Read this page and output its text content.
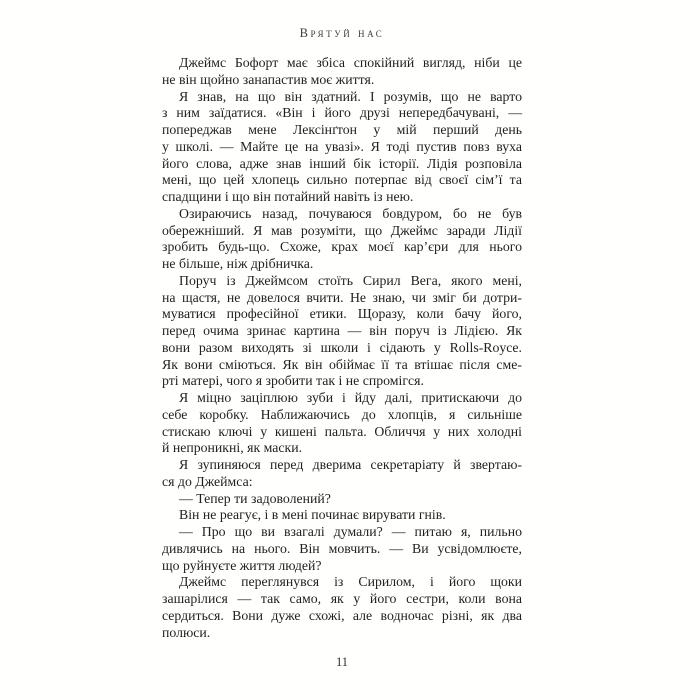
Врятуй нас
Джеймс Бофорт має збіса спокійний вигляд, ніби це
не він щойно занапастив моє життя.
Я знав, на що він здатний. І розумів, що не варто
з ним заїдатися. «Він і його друзі непередбачувані, —
попереджав мене Лексінґтон у мій перший день
у школі. — Майте це на увазі». Я тоді пустив повз вуха
його слова, адже знав інший бік історії. Лідія розповіла
мені, що цей хлопець сильно потерпає від своєї сім’ї та
спадщини і що він потайний навіть із нею.
Озираючись назад, почуваюся бовдуром, бо не був
обережніший. Я мав розуміти, що Джеймс заради Лідії
зробить будь-що. Схоже, крах моєї кар’єри для нього
не більше, ніж дрібничка.
Поруч із Джеймсом стоїть Сирил Вега, якого мені,
на щастя, не довелося вчити. Не знаю, чи зміг би дотри-
муватися професійної етики. Щоразу, коли бачу його,
перед очима зринає картина — він поруч із Лідією. Як
вони разом виходять зі школи і сідають у Rolls-Royce.
Як вони сміються. Як він обіймає її та втішає після сме-
рті матері, чого я зробити так і не спромігся.
Я міцно заціплюю зуби і йду далі, притискаючи до
себе коробку. Наближаючись до хлопців, я сильніше
стискаю ключі у кишені пальта. Обличчя у них холодні
й непроникні, як маски.
Я зупиняюся перед дверима секретаріату й звертаю-
ся до Джеймса:
— Тепер ти задоволений?
Він не реагує, і в мені починає вирувати гнів.
— Про що ви взагалі думали? — питаю я, пильно
дивлячись на нього. Він мовчить. — Ви усвідомлюєте,
що руйнуєте життя людей?
Джеймс переглянувся із Сирилом, і його щоки
зашарілися — так само, як у його сестри, коли вона
сердиться. Вони дуже схожі, але водночас різні, як два
полюси.
11
